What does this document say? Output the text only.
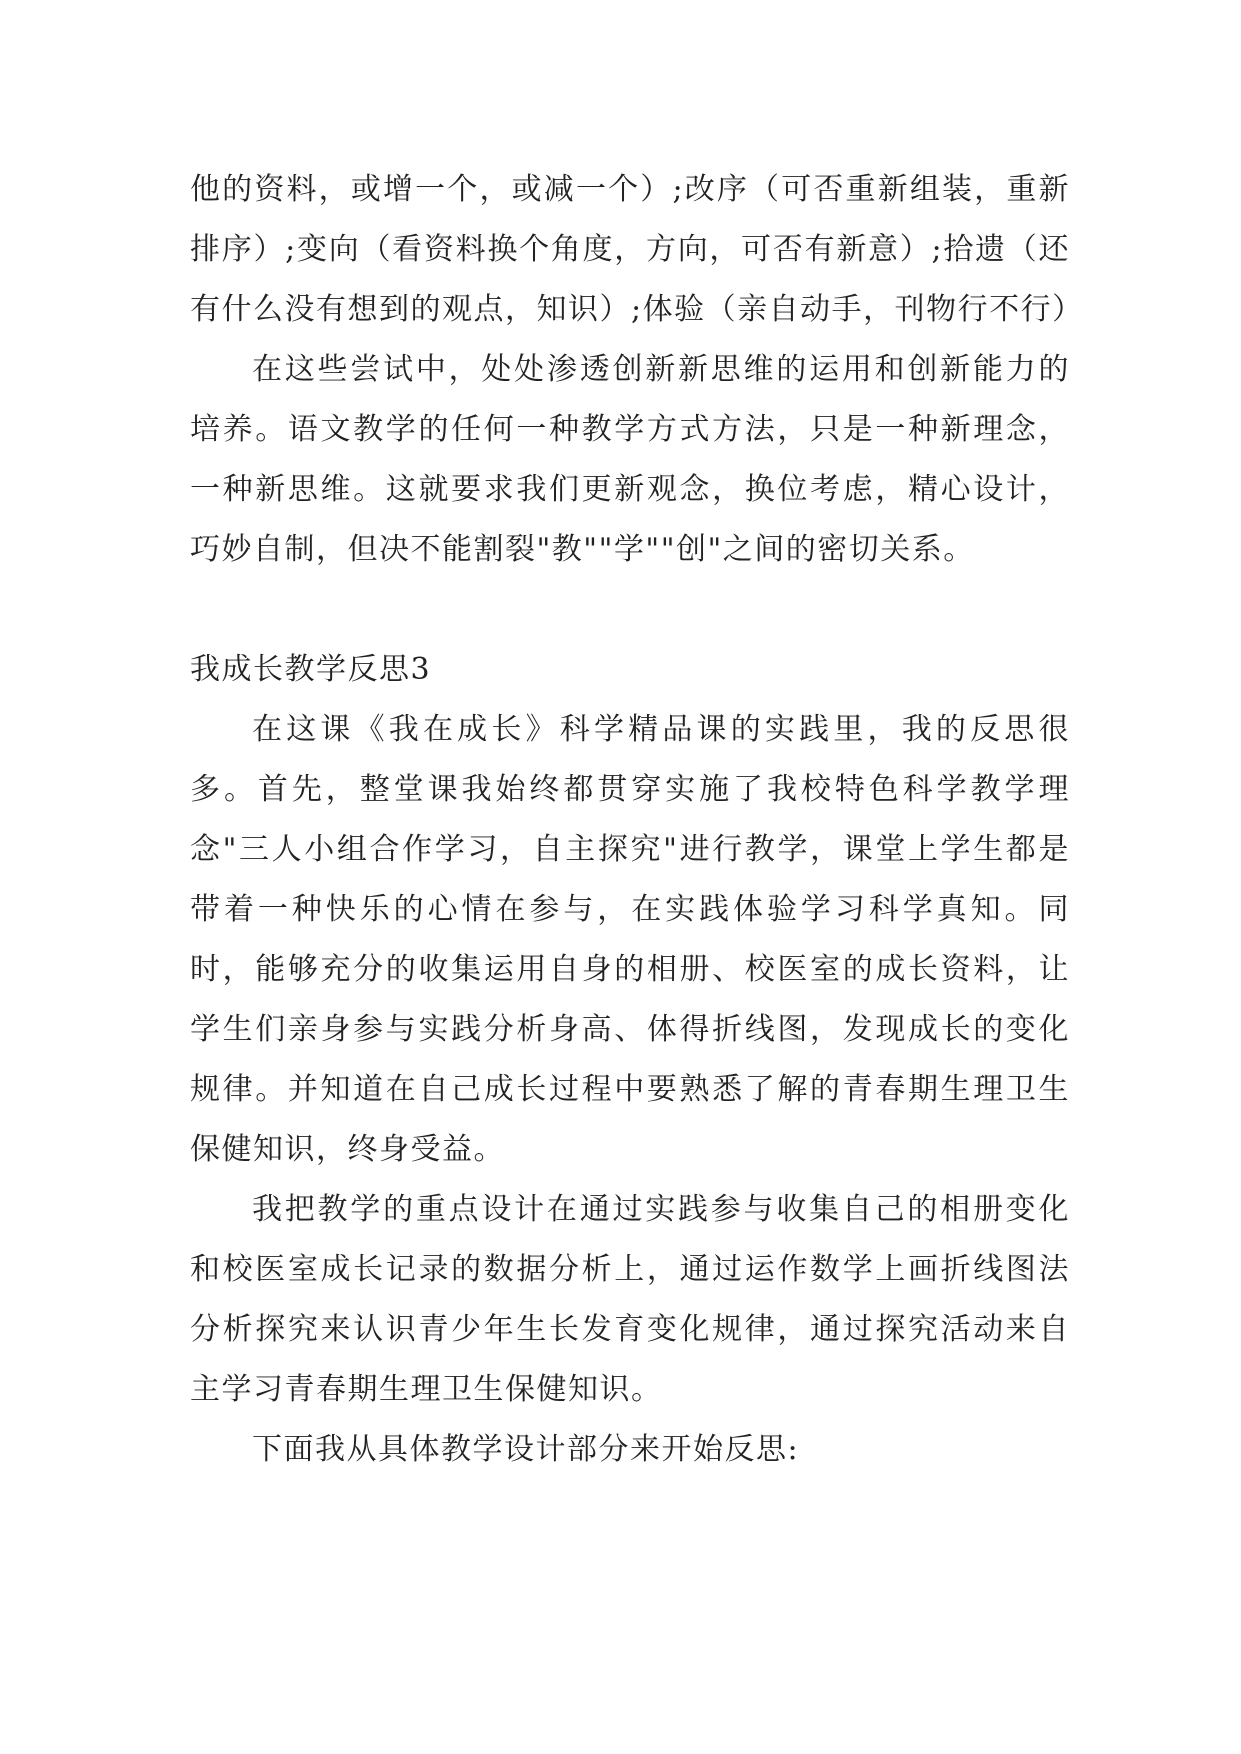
他的资料，或增一个，或减一个）;改序（可否重新组装，重新排序）;变向（看资料换个角度，方向，可否有新意）;拾遗（还有什么没有想到的观点，知识）;体验（亲自动手，刊物行不行）

在这些尝试中，处处渗透创新新思维的运用和创新能力的培养。语文教学的任何一种教学方式方法，只是一种新理念，一种新思维。这就要求我们更新观念，换位考虑，精心设计，巧妙自制，但决不能割裂"教""学""创"之间的密切关系。

我成长教学反思3

在这课《我在成长》科学精品课的实践里，我的反思很多。首先，整堂课我始终都贯穿实施了我校特色科学教学理念"三人小组合作学习，自主探究"进行教学，课堂上学生都是带着一种快乐的心情在参与，在实践体验学习科学真知。同时，能够充分的收集运用自身的相册、校医室的成长资料，让学生们亲身参与实践分析身高、体得折线图，发现成长的变化规律。并知道在自己成长过程中要熟悉了解的青春期生理卫生保健知识，终身受益。

我把教学的重点设计在通过实践参与收集自己的相册变化和校医室成长记录的数据分析上，通过运作数学上画折线图法分析探究来认识青少年生长发育变化规律，通过探究活动来自主学习青春期生理卫生保健知识。

下面我从具体教学设计部分来开始反思:
